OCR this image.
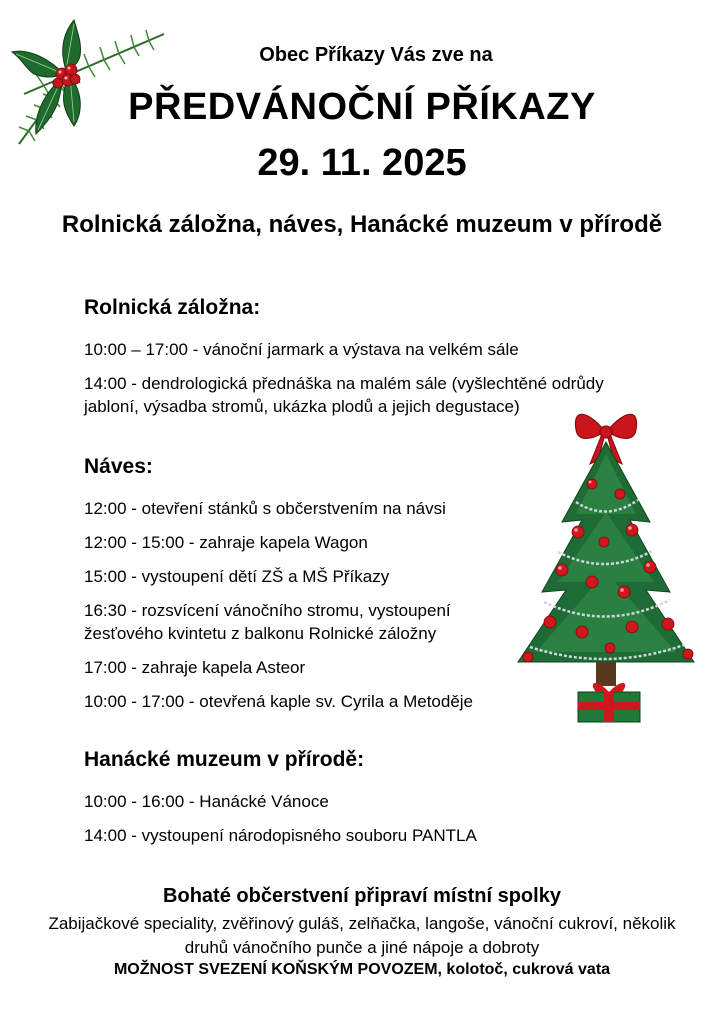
Obec Příkazy Vás zve na
PŘEDVÁNOČNÍ PŘÍKAZY
29. 11. 2025
Rolnická záložna, náves, Hanácké muzeum v přírodě
Rolnická záložna:
10:00 – 17:00 - vánoční jarmark a výstava na velkém sále
14:00 - dendrologická přednáška na malém sále (vyšlechtěné odrůdy jabloní, výsadba stromů, ukázka plodů a jejich degustace)
Náves:
12:00 - otevření stánků s občerstvením na návsi
12:00 - 15:00 - zahraje kapela Wagon
15:00 - vystoupení dětí ZŠ a MŠ Příkazy
16:30 - rozsvícení vánočního stromu, vystoupení žesťového kvintetu z balkonu Rolnické záložny
17:00 - zahraje kapela Asteor
10:00 - 17:00 - otevřená kaple sv. Cyrila a Metoděje
Hanácké muzeum v přírodě:
10:00 - 16:00 - Hanácké Vánoce
14:00 - vystoupení národopisného souboru PANTLA
Bohaté občerstvení připraví místní spolky
Zabijačkové speciality, zvěřinový guláš, zelňačka, langoše, vánoční cukroví, několik druhů vánočního punče a jiné nápoje a dobroty
MOŽNOST SVEZENÍ KOŇSKÝM POVOZEM, kolotoč, cukrová vata
